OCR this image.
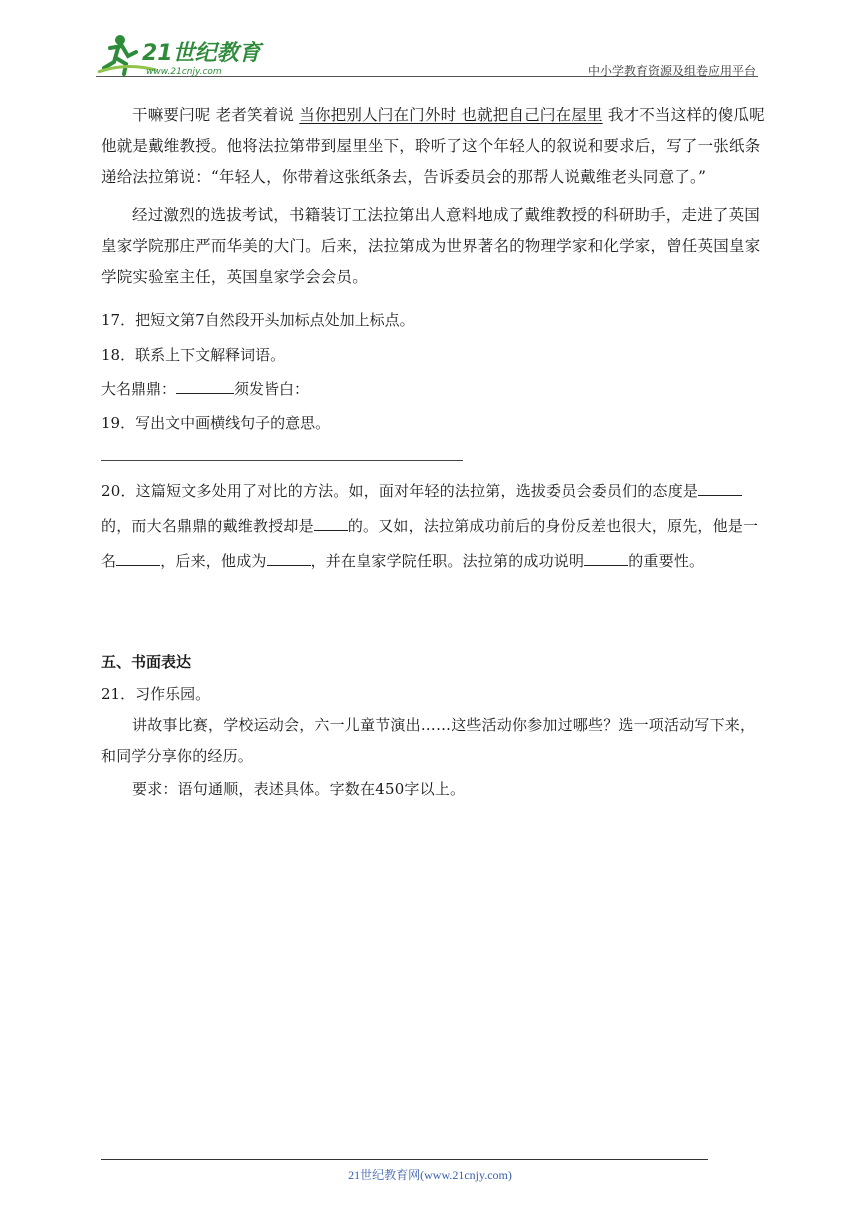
21世纪教育
www.21cnjy.com	中小学教育资源及组卷应用平台
干嘛要闩呢 老者笑着说 当你把别人闩在门外时 也就把自己闩在屋里 我才不当这样的傻瓜呢 他就是戴维教授。他将法拉第带到屋里坐下，聆听了这个年轻人的叙说和要求后，写了一张纸条递给法拉第说：“年轻人，你带着这张纸条去，告诉委员会的那帮人说戴维老头同意了。”
经过激烈的选拔考试，书籍装订工法拉第出人意料地成了戴维教授的科研助手，走进了英国皇家学院那庄严而华美的大门。后来，法拉第成为世界著名的物理学家和化学家，曾任英国皇家学院实验室主任，英国皇家学会会员。
17．把短文第7自然段开头加标点处加上标点。
18．联系上下文解释词语。
大名鼎鼎：	须发皆白：
19．写出文中画横线句子的意思。
20．这篇短文多处用了对比的方法。如，面对年轻的法拉第，选拔委员会委员们的态度是的，而大名鼎鼎的戴维教授却是 的。又如，法拉第成功前后的身份反差也很大，原先，他是一名	，后来，他成为	，并在皇家学院任职。法拉第的成功说明	的重要性。
五、书面表达
21．习作乐园。
讲故事比赛，学校运动会，六一儿童节演出……这些活动你参加过哪些？选一项活动写下来，和同学分享你的经历。
要求：语句通顺，表述具体。字数在450字以上。
21世纪教育网(www.21cnjy.com)
